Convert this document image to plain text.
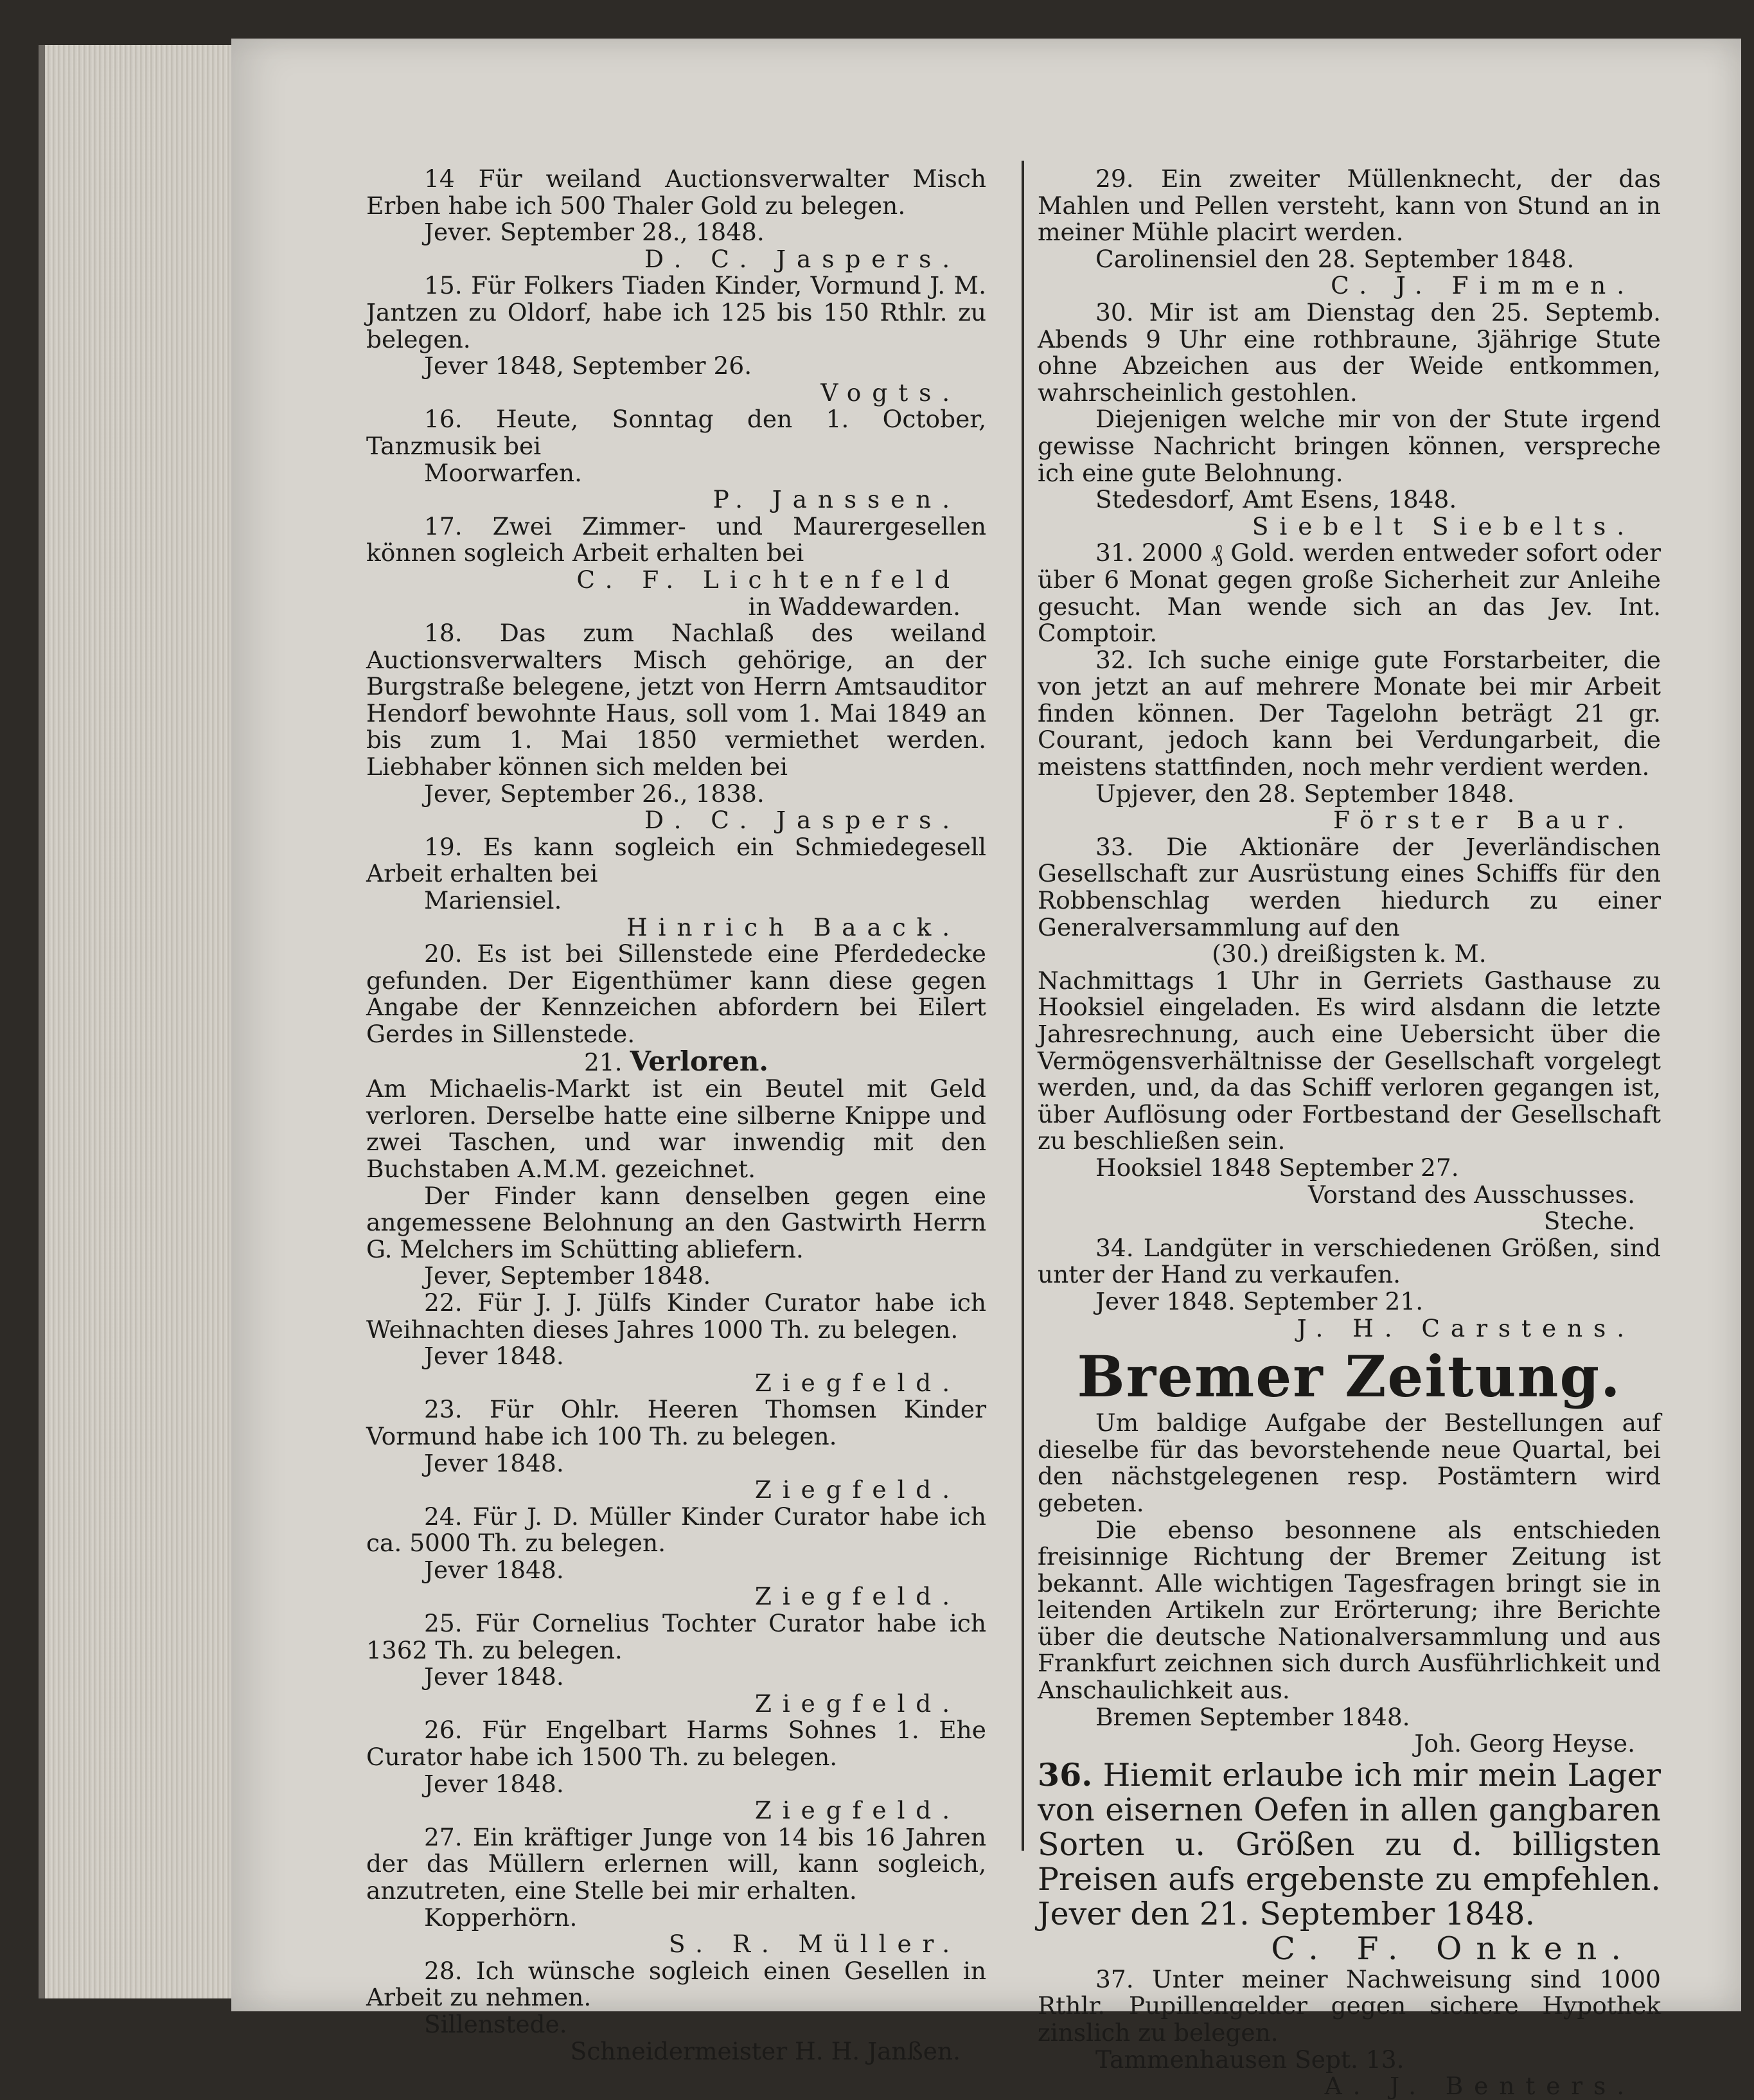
14 Für weiland Auctionsverwalter Misch Erben habe ich 500 Thaler Gold zu belegen.

Jever. September 28., 1848.

D. C. Jaspers.

15. Für Folkers Tiaden Kinder, Vormund J. M. Jantzen zu Oldorf, habe ich 125 bis 150 Rthlr. zu belegen.

Jever 1848, September 26.

Vogts.

16. Heute, Sonntag den 1. October, Tanzmusik bei

Moorwarfen.

P. Janssen.

17. Zwei Zimmer- und Maurergesellen können sogleich Arbeit erhalten bei

C. F. Lichtenfeld

in Waddewarden.

18. Das zum Nachlaß des weiland Auctionsverwalters Misch gehörige, an der Burgstraße belegene, jetzt von Herrn Amtsauditor Hendorf bewohnte Haus, soll vom 1. Mai 1849 an bis zum 1. Mai 1850 vermiethet werden. Liebhaber können sich melden bei

Jever, September 26., 1838.

D. C. Jaspers.

19. Es kann sogleich ein Schmiedegesell Arbeit erhalten bei

Mariensiel.

Hinrich Baack.

20. Es ist bei Sillenstede eine Pferdedecke gefunden. Der Eigenthümer kann diese gegen Angabe der Kennzeichen abfordern bei Eilert Gerdes in Sillenstede.

21. Verloren.

Am Michaelis-Markt ist ein Beutel mit Geld verloren. Derselbe hatte eine silberne Knippe und zwei Taschen, und war inwendig mit den Buchstaben A.M.M. gezeichnet.

Der Finder kann denselben gegen eine angemessene Belohnung an den Gastwirth Herrn G. Melchers im Schütting abliefern.

Jever, September 1848.

22. Für J. J. Jülfs Kinder Curator habe ich Weihnachten dieses Jahres 1000 Th. zu belegen.

Jever 1848.

Ziegfeld.

23. Für Ohlr. Heeren Thomsen Kinder Vormund habe ich 100 Th. zu belegen.

Jever 1848.

Ziegfeld.

24. Für J. D. Müller Kinder Curator habe ich ca. 5000 Th. zu belegen.

Jever 1848.

Ziegfeld.

25. Für Cornelius Tochter Curator habe ich 1362 Th. zu belegen.

Jever 1848.

Ziegfeld.

26. Für Engelbart Harms Sohnes 1. Ehe Curator habe ich 1500 Th. zu belegen.

Jever 1848.

Ziegfeld.

27. Ein kräftiger Junge von 14 bis 16 Jahren der das Müllern erlernen will, kann sogleich, anzutreten, eine Stelle bei mir erhalten.

Kopperhörn.

S. R. Müller.

28. Ich wünsche sogleich einen Gesellen in Arbeit zu nehmen.

Sillenstede.

Schneidermeister H. H. Janßen.

29. Ein zweiter Müllenknecht, der das Mahlen und Pellen versteht, kann von Stund an in meiner Mühle placirt werden.

Carolinensiel den 28. September 1848.

C. J. Fimmen.

30. Mir ist am Dienstag den 25. Septemb. Abends 9 Uhr eine rothbraune, 3jährige Stute ohne Abzeichen aus der Weide entkommen, wahrscheinlich gestohlen.

Diejenigen welche mir von der Stute irgend gewisse Nachricht bringen können, verspreche ich eine gute Belohnung.

Stedesdorf, Amt Esens, 1848.

Siebelt Siebelts.

31. 2000 ₰ Gold. werden entweder sofort oder über 6 Monat gegen große Sicherheit zur Anleihe gesucht. Man wende sich an das Jev. Int. Comptoir.

32. Ich suche einige gute Forstarbeiter, die von jetzt an auf mehrere Monate bei mir Arbeit finden können. Der Tagelohn beträgt 21 gr. Courant, jedoch kann bei Verdungarbeit, die meistens stattfinden, noch mehr verdient werden.

Upjever, den 28. September 1848.

Förster Baur.

33. Die Aktionäre der Jeverländischen Gesellschaft zur Ausrüstung eines Schiffs für den Robbenschlag werden hiedurch zu einer Generalversammlung auf den

(30.) dreißigsten k. M.

Nachmittags 1 Uhr in Gerriets Gasthause zu Hooksiel eingeladen. Es wird alsdann die letzte Jahresrechnung, auch eine Uebersicht über die Vermögensverhältnisse der Gesellschaft vorgelegt werden, und, da das Schiff verloren gegangen ist, über Auflösung oder Fortbestand der Gesellschaft zu beschließen sein.

Hooksiel 1848 September 27.

Vorstand des Ausschusses.

Steche.

34. Landgüter in verschiedenen Größen, sind unter der Hand zu verkaufen.

Jever 1848. September 21.

J. H. Carstens.

Bremer Zeitung.

Um baldige Aufgabe der Bestellungen auf dieselbe für das bevorstehende neue Quartal, bei den nächstgelegenen resp. Postämtern wird gebeten.

Die ebenso besonnene als entschieden freisinnige Richtung der Bremer Zeitung ist bekannt. Alle wichtigen Tagesfragen bringt sie in leitenden Artikeln zur Erörterung; ihre Berichte über die deutsche Nationalversammlung und aus Frankfurt zeichnen sich durch Ausführlichkeit und Anschaulichkeit aus.

Bremen September 1848.

Joh. Georg Heyse.

36. Hiemit erlaube ich mir mein Lager von eisernen Oefen in allen gangbaren Sorten u. Größen zu d. billigsten Preisen aufs ergebenste zu empfehlen. Jever den 21. September 1848.

C. F. Onken.

37. Unter meiner Nachweisung sind 1000 Rthlr. Pupillengelder gegen sichere Hypothek zinslich zu belegen.

Tammenhausen Sept. 13.

A. J. Benters.
